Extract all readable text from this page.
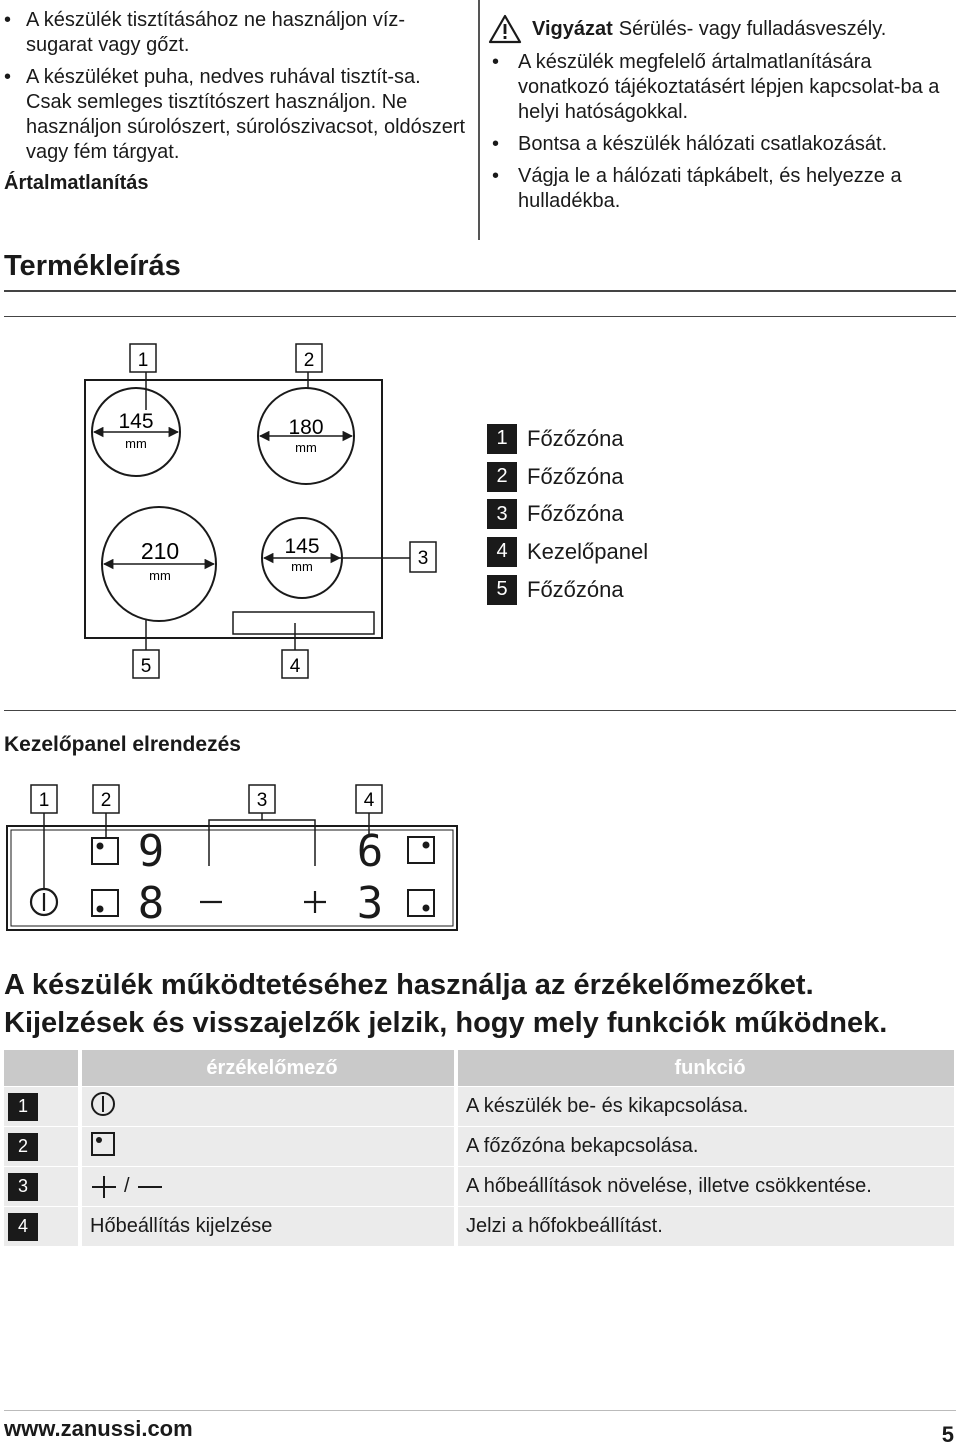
• A készülék tisztításához ne használjon víz-sugarat vagy gőzt.
• A készüléket puha, nedves ruhával tisztít-sa. Csak semleges tisztítószert használjon. Ne használjon súrolószert, súrolószivacsot, oldószert vagy fém tárgyat.
Ártalmatlanítás
Vigyázat Sérülés- vagy fulladásveszély.
• A készülék megfelelő ártalmatlanítására vonatkozó tájékoztatásért lépjen kapcsolat-ba a helyi hatóságokkal.
• Bontsa a készülék hálózati csatlakozását.
• Vágja le a hálózati tápkábelt, és helyezze a hulladékba.
Termékleírás
145
mm
180
mm
145
mm
210
mm
1	2
3
5	4
1 Főzőzóna
2 Főzőzóna
3 Főzőzóna
4 Kezelőpanel
5 Főzőzóna
Kezelőpanel elrendezés
1	2	3	4
9
8
6
3
A készülék működtetéséhez használja az érzékelőmezőket.
Kijelzések és visszajelzők jelzik, hogy mely funkciók működnek.
	érzékelőmező	funkció
1		A készülék be- és kikapcsolása.
2		A főzőzóna bekapcsolása.
3	/	A hőbeállítások növelése, illetve csökkentése.
4	Hőbeállítás kijelzése	Jelzi a hőfokbeállítást.
www.zanussi.com	5
